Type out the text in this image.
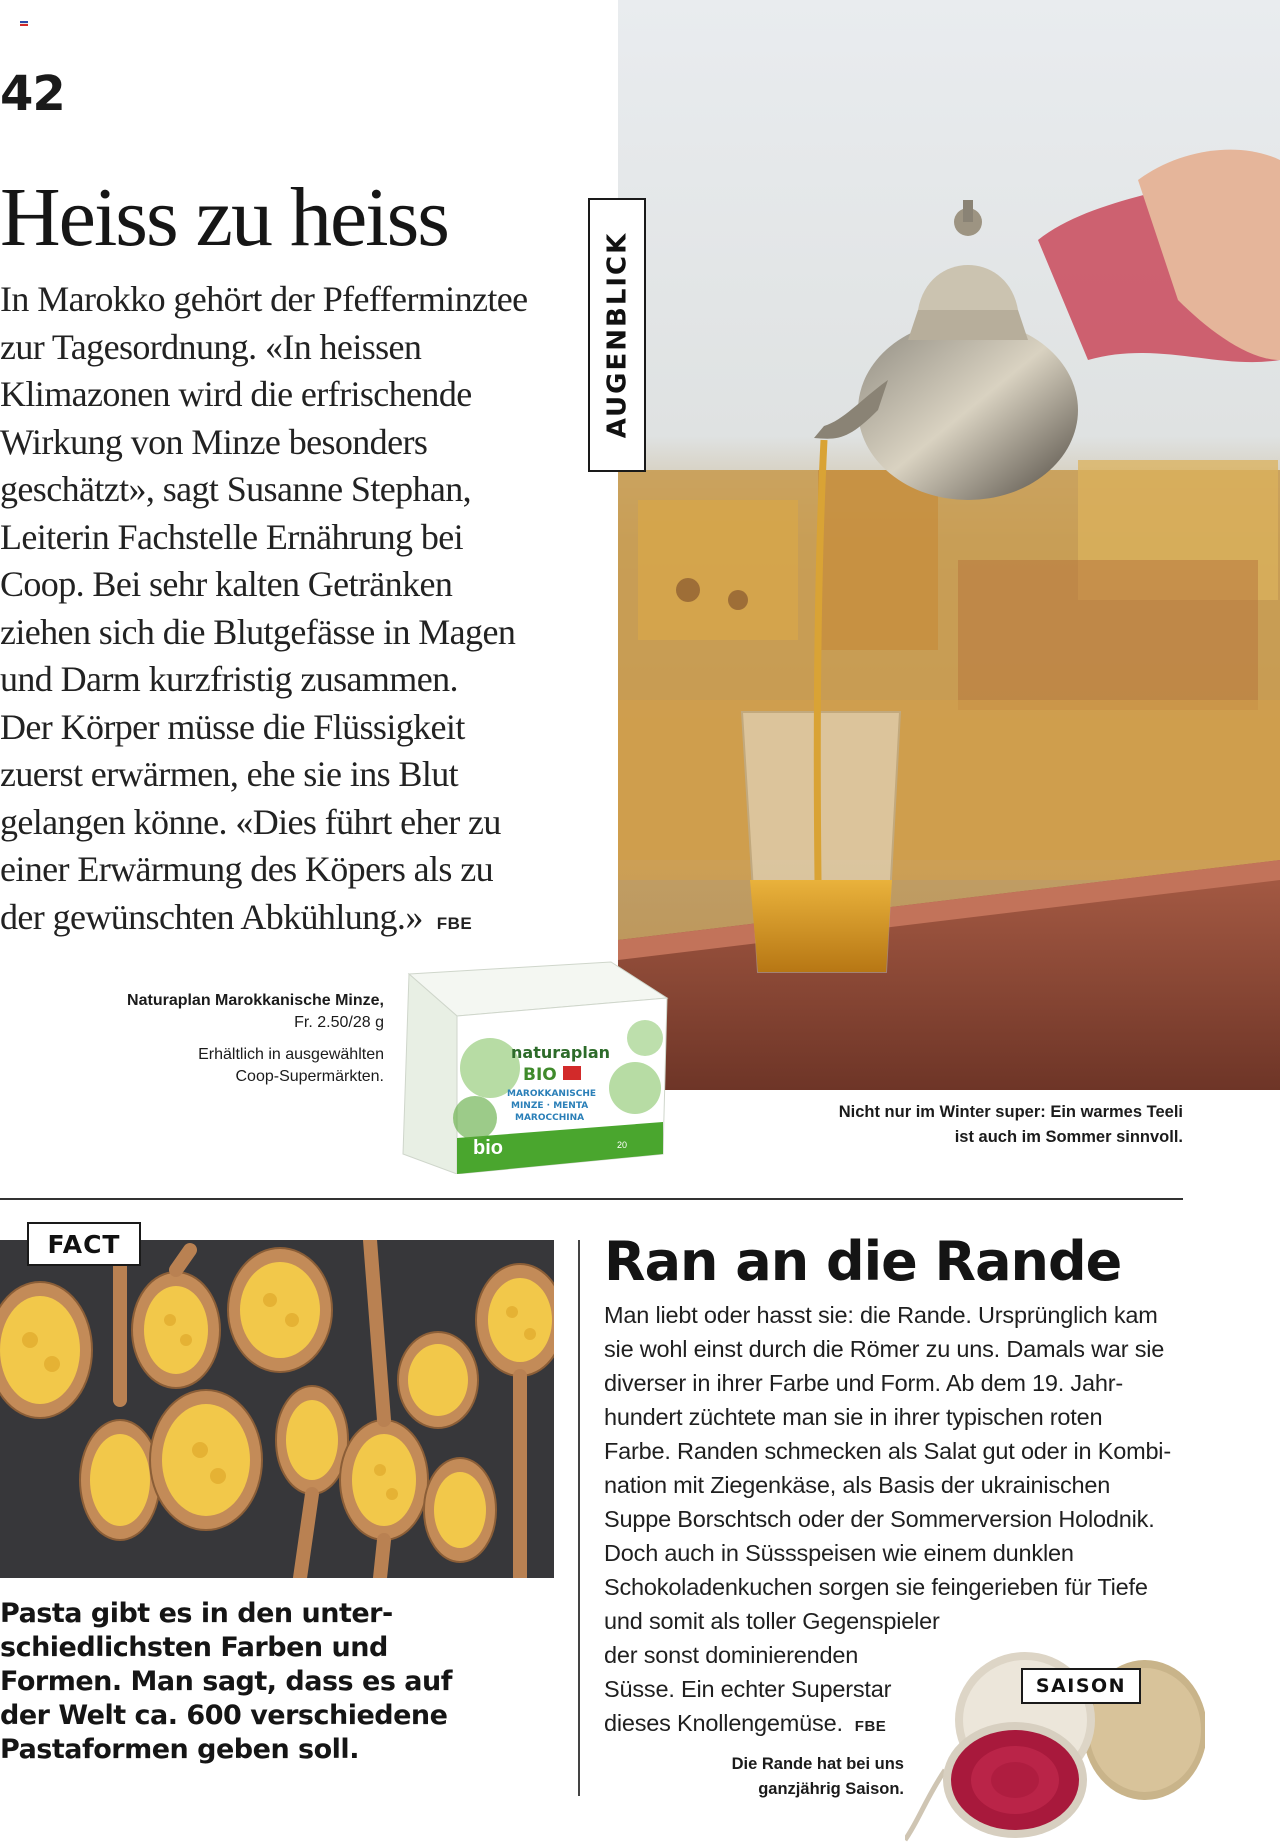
42
Heiss zu heiss

In Marokko gehört der Pfefferminztee

zur Tagesordnung. «In heissen

Klimazonen wird die erfrischende

Wirkung von Minze besonders

geschätzt», sagt Susanne Stephan,

Leiterin Fachstelle Ernährung bei

Coop. Bei sehr kalten Getränken

ziehen sich die Blutgefässe in Magen

und Darm kurzfristig zusammen.

Der Körper müsse die Flüssigkeit

zuerst erwärmen, ehe sie ins Blut

gelangen könne. «Dies führt eher zu

einer Erwärmung des Köpers als zu

der gewünschten Abkühlung.» FBE

AUGENBLICK
Naturaplan Marokkanische Minze,
Fr. 2.50/28 g
Erhältlich in ausgewählten
Coop-Supermärkten.
bio	20
naturaplan
BIO
MAROKKANISCHE
MINZE · MENTA
MAROCCHINA	Nicht nur im Winter super: Ein warmes Teeli
ist auch im Sommer sinnvoll.
FACT

Pasta gibt es in den unter-

schiedlichsten Farben und

Formen. Man sagt, dass es auf

der Welt ca. 600 verschiedene

Pastaformen geben soll.

Ran an die Rande

Man liebt oder hasst sie: die Rande. Ursprünglich kam

sie wohl einst durch die Römer zu uns. Damals war sie

diverser in ihrer Farbe und Form. Ab dem 19. Jahr-

hundert züchtete man sie in ihrer typischen roten

Farbe. Randen schmecken als Salat gut oder in Kombi-

nation mit Ziegenkäse, als Basis der ukrainischen

Suppe Borschtsch oder der Sommerversion Holodnik.

Doch auch in Süssspeisen wie einem dunklen

Schokoladenkuchen sorgen sie feingerieben für Tiefe

und somit als toller Gegenspieler

der sonst dominierenden

Süsse. Ein echter Superstar

dieses Knollengemüse. FBE

SAISON
Die Rande hat bei uns
ganzjährig Saison.
